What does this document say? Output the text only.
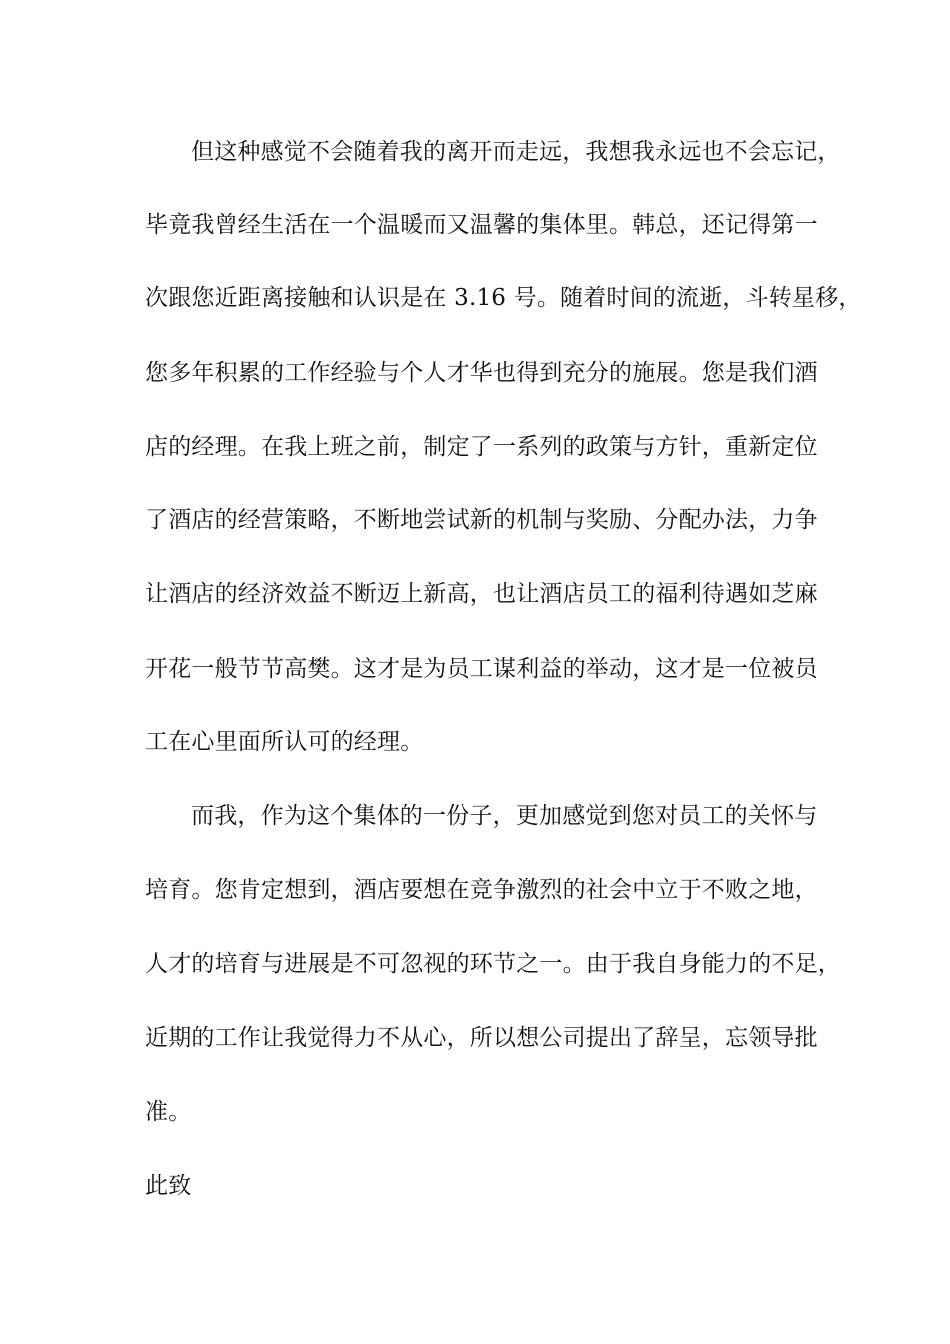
但这种感觉不会随着我的离开而走远，我想我永远也不会忘记，
毕竟我曾经生活在一个温暖而又温馨的集体里。韩总，还记得第一
次跟您近距离接触和认识是在 3.16 号。随着时间的流逝，斗转星移，
您多年积累的工作经验与个人才华也得到充分的施展。您是我们酒
店的经理。在我上班之前，制定了一系列的政策与方针，重新定位
了酒店的经营策略，不断地尝试新的机制与奖励、分配办法，力争
让酒店的经济效益不断迈上新高，也让酒店员工的福利待遇如芝麻
开花一般节节高樊。这才是为员工谋利益的举动，这才是一位被员
工在心里面所认可的经理。
而我，作为这个集体的一份子，更加感觉到您对员工的关怀与
培育。您肯定想到，酒店要想在竞争激烈的社会中立于不败之地，
人才的培育与进展是不可忽视的环节之一。由于我自身能力的不足，
近期的工作让我觉得力不从心，所以想公司提出了辞呈，忘领导批
准。
此致
